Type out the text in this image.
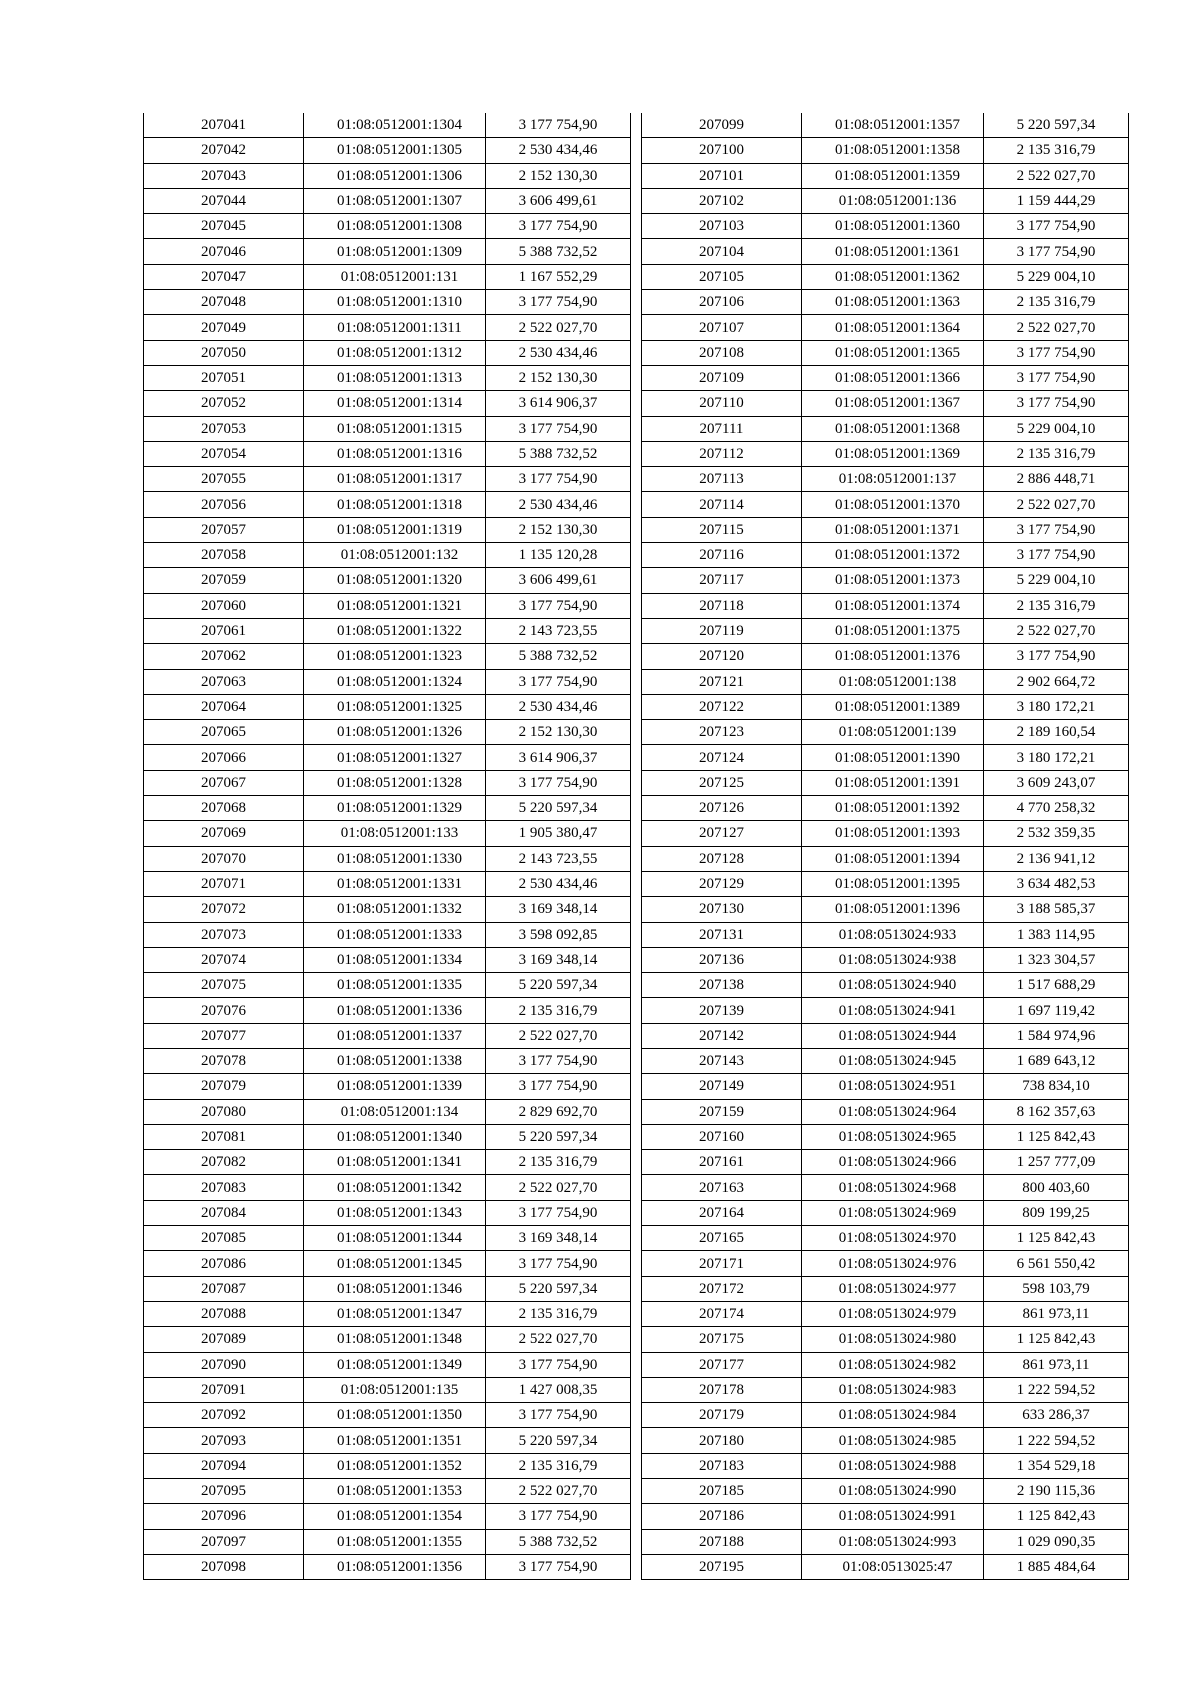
207041	01:08:0512001:1304	3 177 754,90
207042	01:08:0512001:1305	2 530 434,46
207043	01:08:0512001:1306	2 152 130,30
207044	01:08:0512001:1307	3 606 499,61
207045	01:08:0512001:1308	3 177 754,90
207046	01:08:0512001:1309	5 388 732,52
207047	01:08:0512001:131	1 167 552,29
207048	01:08:0512001:1310	3 177 754,90
207049	01:08:0512001:1311	2 522 027,70
207050	01:08:0512001:1312	2 530 434,46
207051	01:08:0512001:1313	2 152 130,30
207052	01:08:0512001:1314	3 614 906,37
207053	01:08:0512001:1315	3 177 754,90
207054	01:08:0512001:1316	5 388 732,52
207055	01:08:0512001:1317	3 177 754,90
207056	01:08:0512001:1318	2 530 434,46
207057	01:08:0512001:1319	2 152 130,30
207058	01:08:0512001:132	1 135 120,28
207059	01:08:0512001:1320	3 606 499,61
207060	01:08:0512001:1321	3 177 754,90
207061	01:08:0512001:1322	2 143 723,55
207062	01:08:0512001:1323	5 388 732,52
207063	01:08:0512001:1324	3 177 754,90
207064	01:08:0512001:1325	2 530 434,46
207065	01:08:0512001:1326	2 152 130,30
207066	01:08:0512001:1327	3 614 906,37
207067	01:08:0512001:1328	3 177 754,90
207068	01:08:0512001:1329	5 220 597,34
207069	01:08:0512001:133	1 905 380,47
207070	01:08:0512001:1330	2 143 723,55
207071	01:08:0512001:1331	2 530 434,46
207072	01:08:0512001:1332	3 169 348,14
207073	01:08:0512001:1333	3 598 092,85
207074	01:08:0512001:1334	3 169 348,14
207075	01:08:0512001:1335	5 220 597,34
207076	01:08:0512001:1336	2 135 316,79
207077	01:08:0512001:1337	2 522 027,70
207078	01:08:0512001:1338	3 177 754,90
207079	01:08:0512001:1339	3 177 754,90
207080	01:08:0512001:134	2 829 692,70
207081	01:08:0512001:1340	5 220 597,34
207082	01:08:0512001:1341	2 135 316,79
207083	01:08:0512001:1342	2 522 027,70
207084	01:08:0512001:1343	3 177 754,90
207085	01:08:0512001:1344	3 169 348,14
207086	01:08:0512001:1345	3 177 754,90
207087	01:08:0512001:1346	5 220 597,34
207088	01:08:0512001:1347	2 135 316,79
207089	01:08:0512001:1348	2 522 027,70
207090	01:08:0512001:1349	3 177 754,90
207091	01:08:0512001:135	1 427 008,35
207092	01:08:0512001:1350	3 177 754,90
207093	01:08:0512001:1351	5 220 597,34
207094	01:08:0512001:1352	2 135 316,79
207095	01:08:0512001:1353	2 522 027,70
207096	01:08:0512001:1354	3 177 754,90
207097	01:08:0512001:1355	5 388 732,52
207098	01:08:0512001:1356	3 177 754,90
207099	01:08:0512001:1357	5 220 597,34
207100	01:08:0512001:1358	2 135 316,79
207101	01:08:0512001:1359	2 522 027,70
207102	01:08:0512001:136	1 159 444,29
207103	01:08:0512001:1360	3 177 754,90
207104	01:08:0512001:1361	3 177 754,90
207105	01:08:0512001:1362	5 229 004,10
207106	01:08:0512001:1363	2 135 316,79
207107	01:08:0512001:1364	2 522 027,70
207108	01:08:0512001:1365	3 177 754,90
207109	01:08:0512001:1366	3 177 754,90
207110	01:08:0512001:1367	3 177 754,90
207111	01:08:0512001:1368	5 229 004,10
207112	01:08:0512001:1369	2 135 316,79
207113	01:08:0512001:137	2 886 448,71
207114	01:08:0512001:1370	2 522 027,70
207115	01:08:0512001:1371	3 177 754,90
207116	01:08:0512001:1372	3 177 754,90
207117	01:08:0512001:1373	5 229 004,10
207118	01:08:0512001:1374	2 135 316,79
207119	01:08:0512001:1375	2 522 027,70
207120	01:08:0512001:1376	3 177 754,90
207121	01:08:0512001:138	2 902 664,72
207122	01:08:0512001:1389	3 180 172,21
207123	01:08:0512001:139	2 189 160,54
207124	01:08:0512001:1390	3 180 172,21
207125	01:08:0512001:1391	3 609 243,07
207126	01:08:0512001:1392	4 770 258,32
207127	01:08:0512001:1393	2 532 359,35
207128	01:08:0512001:1394	2 136 941,12
207129	01:08:0512001:1395	3 634 482,53
207130	01:08:0512001:1396	3 188 585,37
207131	01:08:0513024:933	1 383 114,95
207136	01:08:0513024:938	1 323 304,57
207138	01:08:0513024:940	1 517 688,29
207139	01:08:0513024:941	1 697 119,42
207142	01:08:0513024:944	1 584 974,96
207143	01:08:0513024:945	1 689 643,12
207149	01:08:0513024:951	738 834,10
207159	01:08:0513024:964	8 162 357,63
207160	01:08:0513024:965	1 125 842,43
207161	01:08:0513024:966	1 257 777,09
207163	01:08:0513024:968	800 403,60
207164	01:08:0513024:969	809 199,25
207165	01:08:0513024:970	1 125 842,43
207171	01:08:0513024:976	6 561 550,42
207172	01:08:0513024:977	598 103,79
207174	01:08:0513024:979	861 973,11
207175	01:08:0513024:980	1 125 842,43
207177	01:08:0513024:982	861 973,11
207178	01:08:0513024:983	1 222 594,52
207179	01:08:0513024:984	633 286,37
207180	01:08:0513024:985	1 222 594,52
207183	01:08:0513024:988	1 354 529,18
207185	01:08:0513024:990	2 190 115,36
207186	01:08:0513024:991	1 125 842,43
207188	01:08:0513024:993	1 029 090,35
207195	01:08:0513025:47	1 885 484,64
